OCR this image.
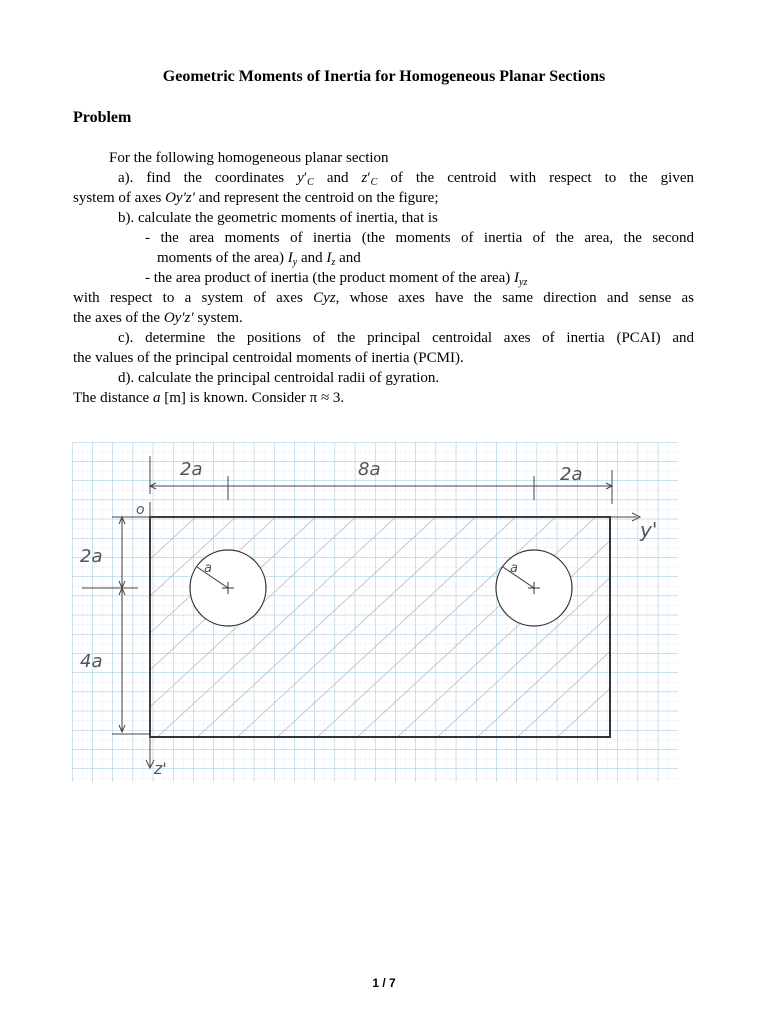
Geometric Moments of Inertia for Homogeneous Planar Sections
Problem
For the following homogeneous planar section
a). find the coordinates $y'_C$ and $z'_C$ of the centroid with respect to the given
system of axes Oy'z' and represent the centroid on the figure;
b). calculate the geometric moments of inertia, that is
- the area moments of inertia (the moments of inertia of the area, the second
moments of the area) $I_y$ and $I_z$ and
- the area product of inertia (the product moment of the area) $I_{yz}$
with respect to a system of axes Cyz, whose axes have the same direction and sense as
the axes of the Oy'z' system.
c). determine the positions of the principal centroidal axes of inertia (PCAI) and
the values of the principal centroidal moments of inertia (PCMI).
d). calculate the principal centroidal radii of gyration.
The distance a [m] is known. Consider π ≈ 3.
2a	8a	2a
2a
4a
o
y'
z'
a	a
1 / 7
